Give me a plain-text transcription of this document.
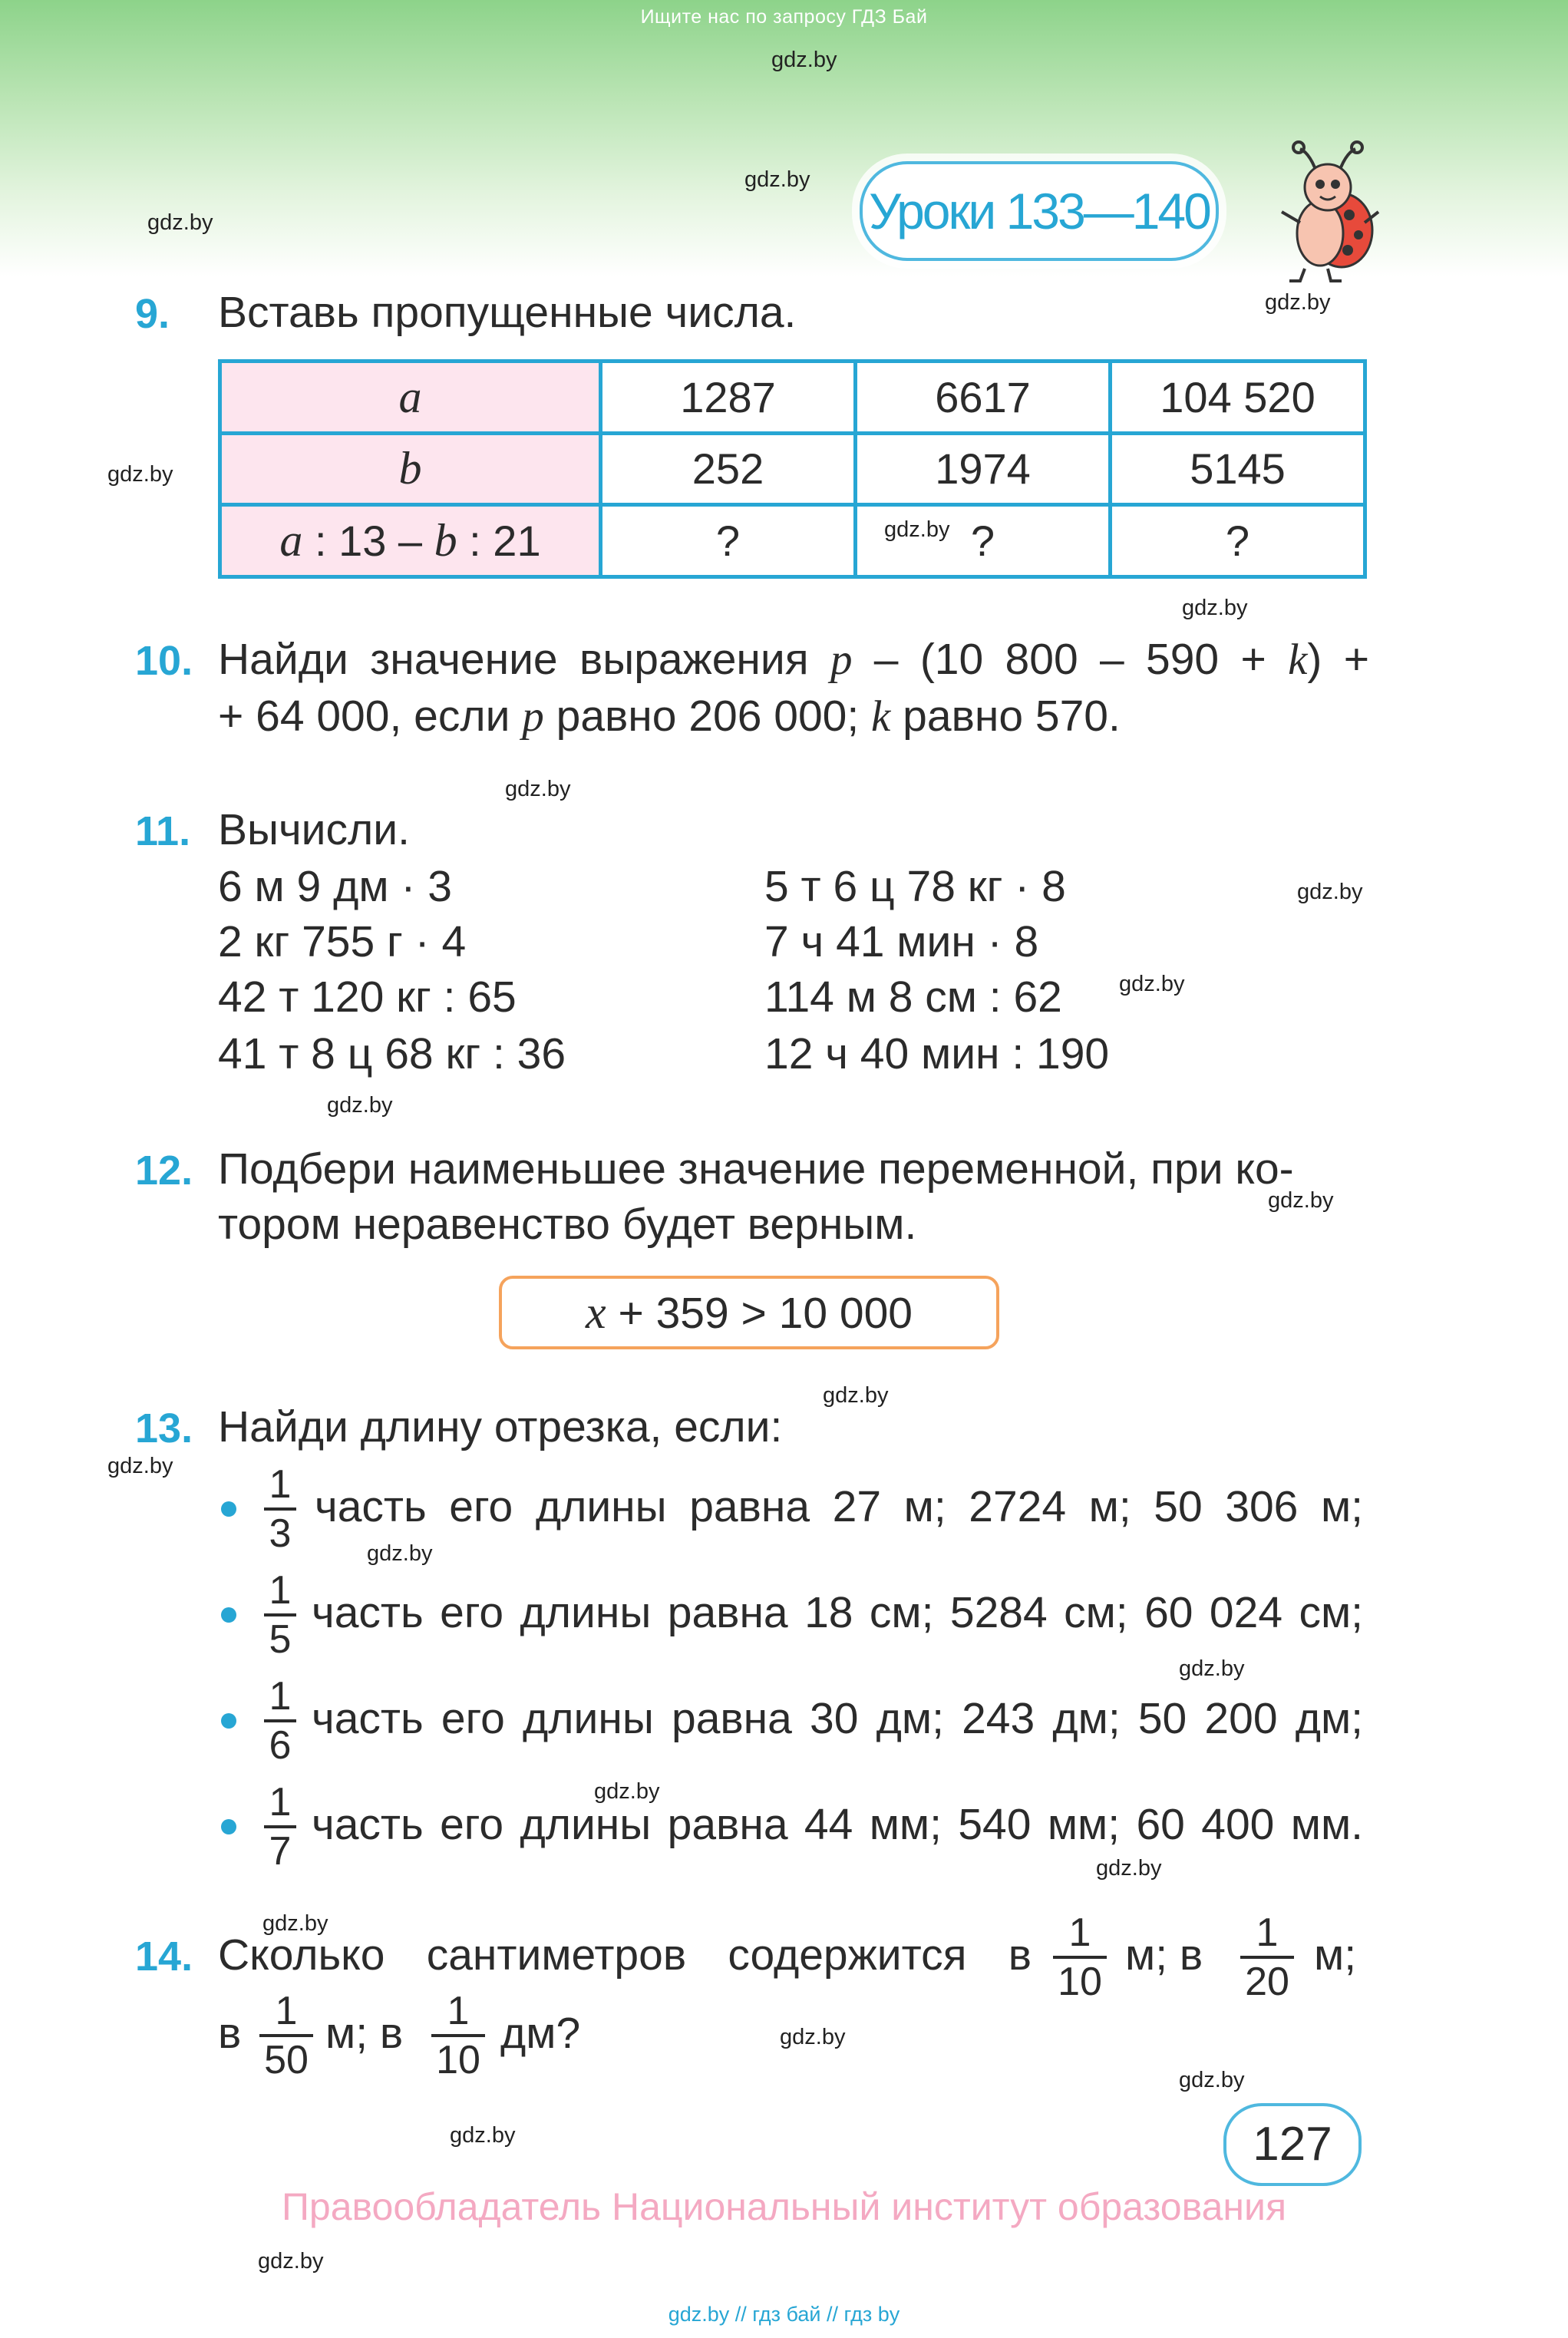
Ищите нас по запросу ГДЗ Бай
Уроки 133—140
gdz.by
gdz.by
gdz.by
gdz.by
gdz.by
gdz.by
gdz.by
gdz.by
gdz.by
gdz.by
gdz.by
gdz.by
gdz.by
gdz.by
gdz.by
gdz.by
gdz.by
gdz.by
gdz.by
gdz.by
gdz.by
gdz.by
gdz.by
9. Вставь пропущенные числа.
a	1287	6617	104 520
b	252	1974	5145
a : 13 – b : 21	?	?	?
10. Найди значение выражения p – (10 800 – 590 + k) +
+ 64 000, если p равно 206 000; k равно 570.
11. Вычисли.
6 м 9 дм · 3
2 кг 755 г · 4
42 т 120 кг : 65
41 т 8 ц 68 кг : 36
5 т 6 ц 78 кг · 8
7 ч 41 мин · 8
114 м 8 см : 62
12 ч 40 мин : 190
12. Подбери наименьшее значение переменной, при ко-
тором неравенство будет верным.
x + 359 > 10 000
13. Найди длину отрезка, если:
1
3
часть его длины равна 27 м; 2724 м; 50 306 м;
1
5
часть его длины равна 18 см; 5284 см; 60 024 см;
1
6
часть его длины равна 30 дм; 243 дм; 50 200 дм;
1
7
часть его длины равна 44 мм; 540 мм; 60 400 мм.
14. Сколько сантиметров содержится в 1
10
м; в	1
20
м;
в 1
50
м; в	1
10
дм?
127
Правообладатель Национальный институт образования
gdz.by // гдз бай // гдз by
